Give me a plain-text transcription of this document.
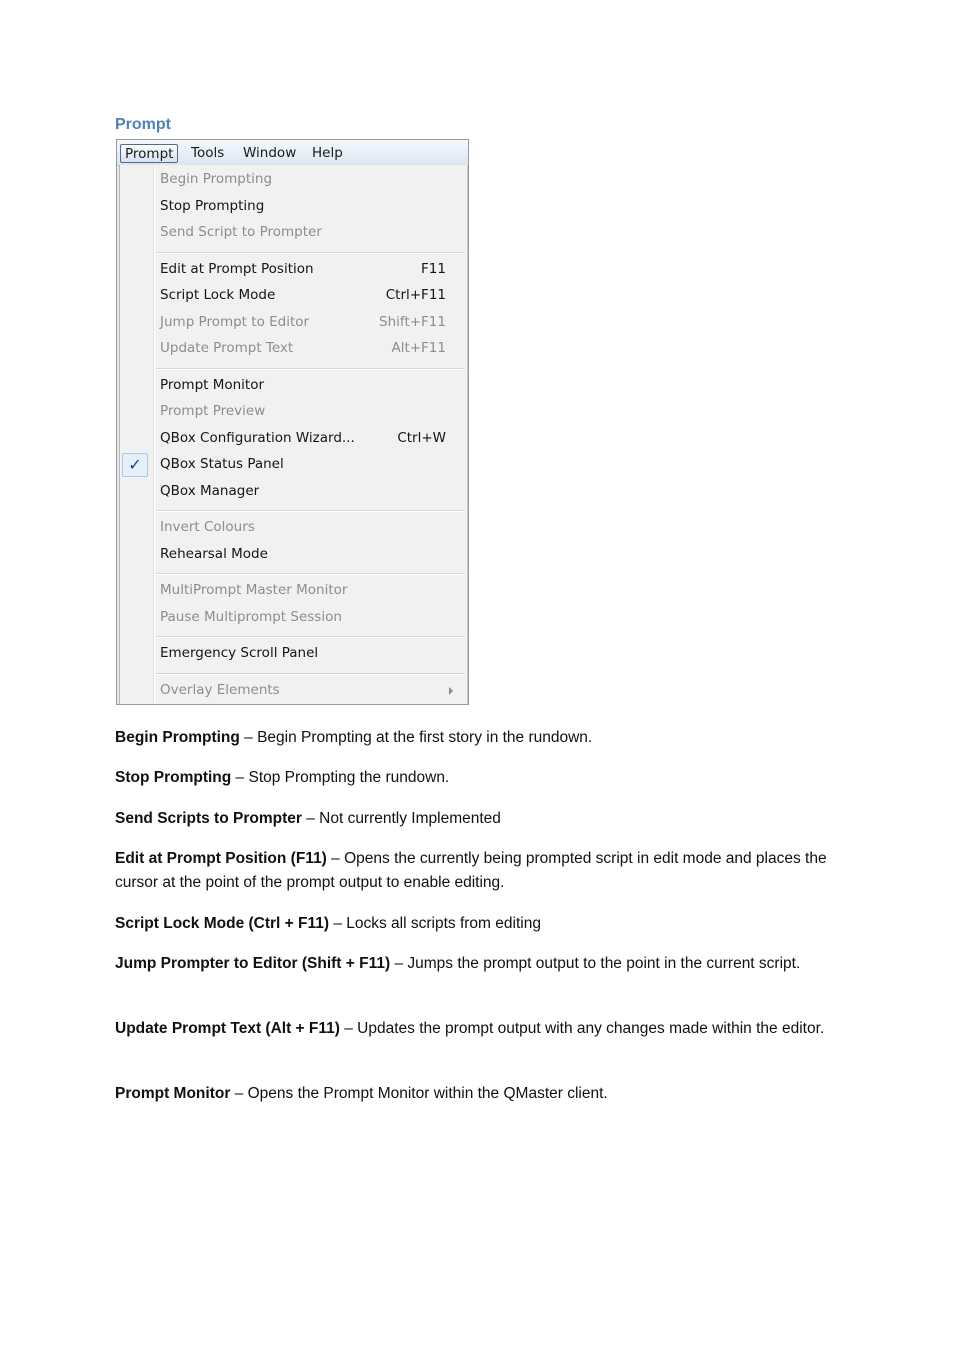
Prompt
Prompt	Tools	Window	Help
Begin Prompting
Stop Prompting
Send Script to Prompter
Edit at Prompt Position	F11
Script Lock Mode	Ctrl+F11
Jump Prompt to Editor	Shift+F11
Update Prompt Text	Alt+F11
Prompt Monitor
Prompt Preview
QBox Configuration Wizard...	Ctrl+W
✓	QBox Status Panel
QBox Manager
Invert Colours
Rehearsal Mode
MultiPrompt Master Monitor
Pause Multiprompt Session
Emergency Scroll Panel
Overlay Elements
Begin Prompting – Begin Prompting at the first story in the rundown.
Stop Prompting – Stop Prompting the rundown.
Send Scripts to Prompter – Not currently Implemented
Edit at Prompt Position (F11) – Opens the currently being prompted script in edit mode and places the cursor at the point of the prompt output to enable editing.
Script Lock Mode (Ctrl + F11) – Locks all scripts from editing
Jump Prompter to Editor (Shift + F11) – Jumps the prompt output to the point in the current script.
Update Prompt Text (Alt + F11) – Updates the prompt output with any changes made within the editor.
Prompt Monitor – Opens the Prompt Monitor within the QMaster client.
